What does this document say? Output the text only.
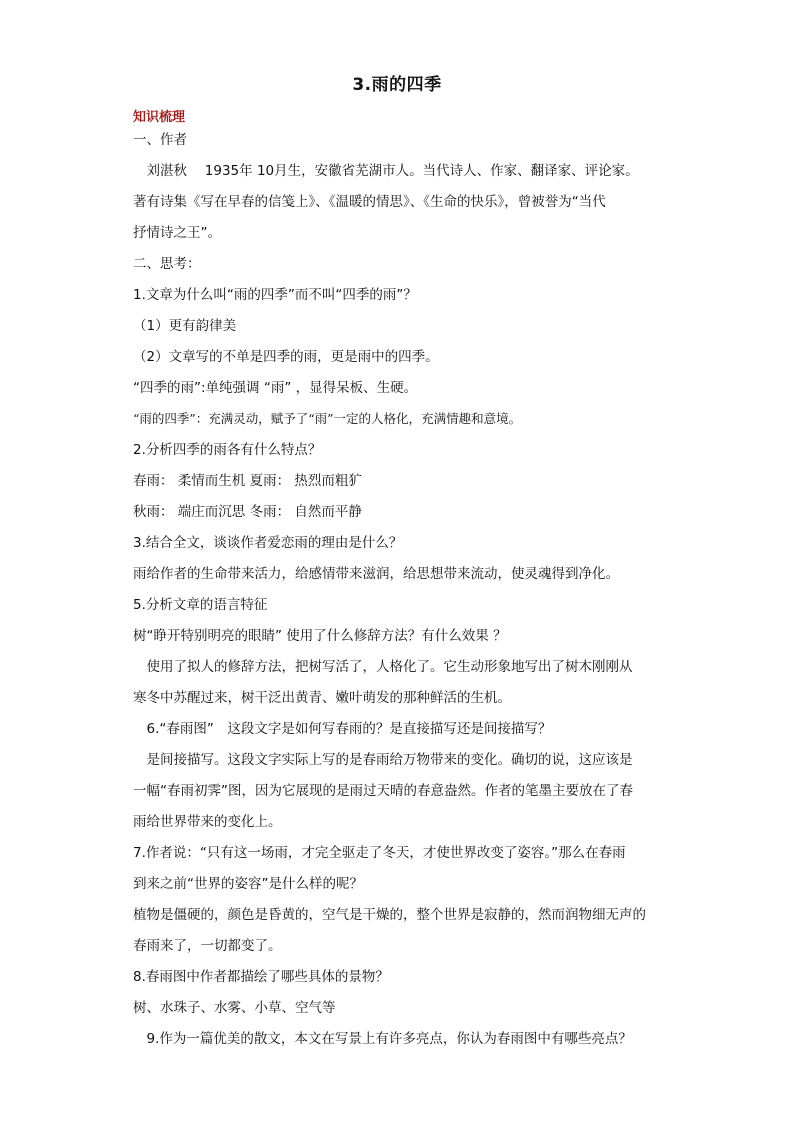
3.雨的四季
知识梳理
一、作者
　刘湛秋　 1935年 10月生，安徽省芜湖市人。当代诗人、作家、翻译家、评论家。
著有诗集《写在早春的信笺上》、《温暖的情思》、《生命的快乐》，曾被誉为“当代
抒情诗之王”。
二、思考：
1.文章为什么叫“雨的四季”而不叫“四季的雨”？
（1）更有韵律美
（2）文章写的不单是四季的雨，更是雨中的四季。
“四季的雨”:单纯强调 “雨” ，显得呆板、生硬。
“雨的四季”：充满灵动，赋予了“雨”一定的人格化，充满情趣和意境。
2.分析四季的雨各有什么特点？
春雨： 柔情而生机 夏雨： 热烈而粗犷
秋雨： 端庄而沉思 冬雨： 自然而平静
3.结合全文，谈谈作者爱恋雨的理由是什么？
雨给作者的生命带来活力，给感情带来滋润，给思想带来流动，使灵魂得到净化。
5.分析文章的语言特征
树“睁开特别明亮的眼睛” 使用了什么修辞方法？有什么效果 ？
　使用了拟人的修辞方法，把树写活了，人格化了。它生动形象地写出了树木刚刚从
寒冬中苏醒过来，树干泛出黄青、嫩叶萌发的那种鲜活的生机。
　6.“春雨图”　这段文字是如何写春雨的？是直接描写还是间接描写？
　是间接描写。这段文字实际上写的是春雨给万物带来的变化。确切的说，这应该是
一幅“春雨初霁”图，因为它展现的是雨过天晴的春意盎然。作者的笔墨主要放在了春
雨给世界带来的变化上。
7.作者说：“只有这一场雨，才完全驱走了冬天，才使世界改变了姿容。”那么在春雨
到来之前“世界的姿容”是什么样的呢？
植物是僵硬的，颜色是昏黄的，空气是干燥的，整个世界是寂静的，然而润物细无声的
春雨来了，一切都变了。
8.春雨图中作者都描绘了哪些具体的景物？
树、水珠子、水雾、小草、空气等
　9.作为一篇优美的散文，本文在写景上有许多亮点，你认为春雨图中有哪些亮点？
